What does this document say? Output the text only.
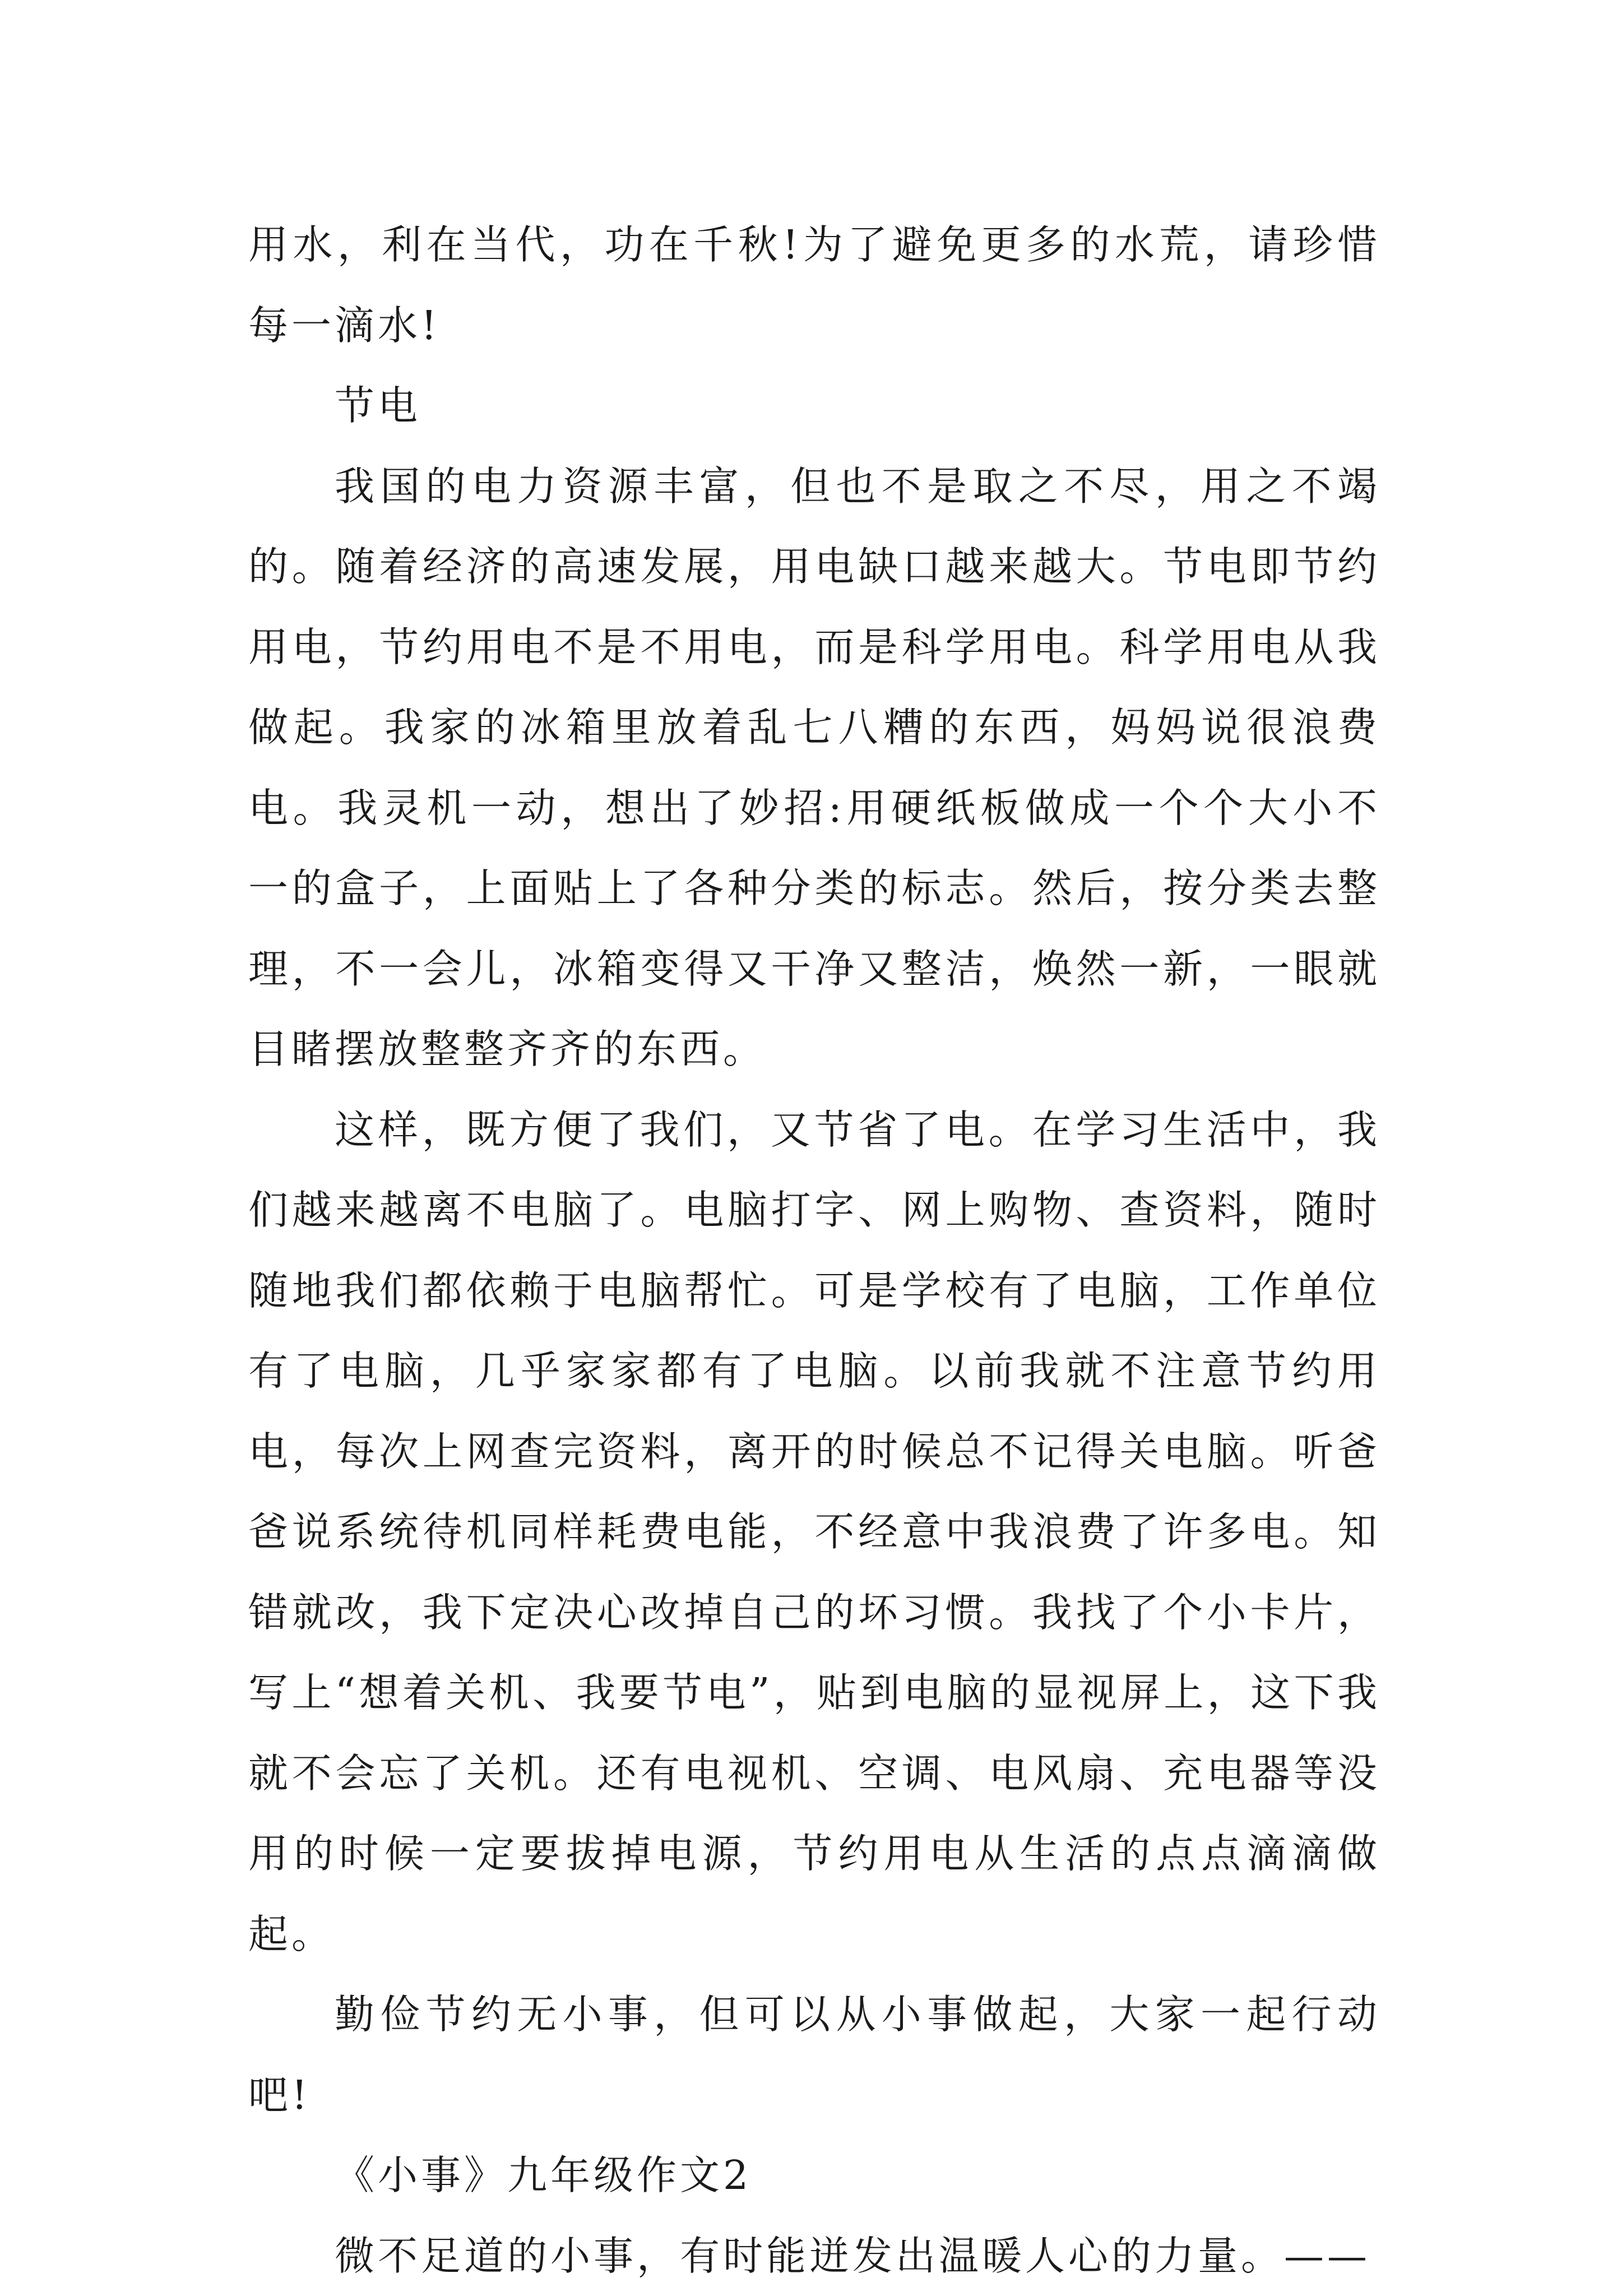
用水，利在当代，功在千秋!为了避免更多的水荒，请珍惜每一滴水!

节电

我国的电力资源丰富，但也不是取之不尽，用之不竭的。随着经济的高速发展，用电缺口越来越大。节电即节约用电，节约用电不是不用电，而是科学用电。科学用电从我做起。我家的冰箱里放着乱七八糟的东西，妈妈说很浪费电。我灵机一动，想出了妙招:用硬纸板做成一个个大小不一的盒子，上面贴上了各种分类的标志。然后，按分类去整理，不一会儿，冰箱变得又干净又整洁，焕然一新，一眼就目睹摆放整整齐齐的东西。

这样，既方便了我们，又节省了电。在学习生活中，我们越来越离不电脑了。电脑打字、网上购物、查资料，随时随地我们都依赖于电脑帮忙。可是学校有了电脑，工作单位有了电脑，几乎家家都有了电脑。以前我就不注意节约用电，每次上网查完资料，离开的时候总不记得关电脑。听爸爸说系统待机同样耗费电能，不经意中我浪费了许多电。知错就改，我下定决心改掉自己的坏习惯。我找了个小卡片，写上“想着关机、我要节电”，贴到电脑的显视屏上，这下我就不会忘了关机。还有电视机、空调、电风扇、充电器等没用的时候一定要拔掉电源，节约用电从生活的点点滴滴做起。

勤俭节约无小事，但可以从小事做起，大家一起行动吧!

《小事》九年级作文2

微不足道的小事，有时能迸发出温暖人心的力量。——
